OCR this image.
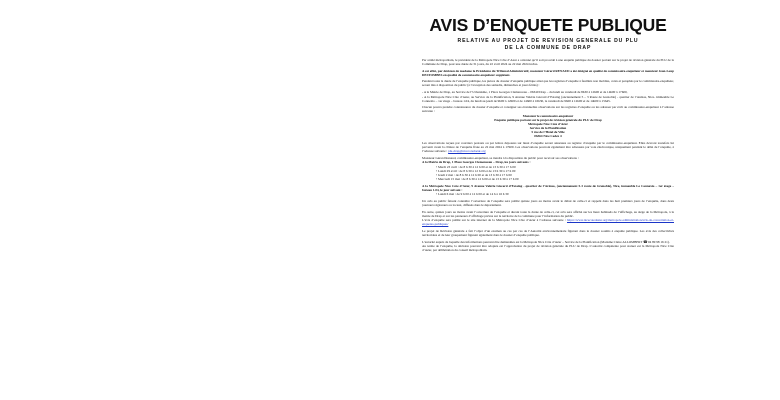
AVIS D’ENQUETE PUBLIQUE
RELATIVE AU PROJET DE REVISION GENERALE DU PLU
DE LA COMMUNE DE DRAP

Par arrêté métropolitain, le président de la Métropole Nice Côte d’Azur a ordonné qu’il soit procédé à une enquête publique du dossier portant sur le projet de révision générale du PLU de la Commune de Drap, pour une durée de 31 jours, du 22 avril 2024 au 22 mai 2024 inclus.

A cet effet, par décision de madame la Présidente du Tribunal Administratif, monsieur Gérard RENAUD a été désigné en qualité de commissaire-enquêteur et monsieur Jean-Loup DESTOMBES en qualité de commissaire-enquêteur suppléant.

Pendant toute la durée de l’enquête publique, les pièces du dossier d’enquête publique ainsi que les registres d’enquête à feuillets non mobiles, cotés et paraphés par le commissaire-enquêteur, seront mis à disposition du public (à l’exception des samedis, dimanches et jours fériés) :

- A la Mairie de Drap, au Service de l’Urbanisme, 1 Place Georges Clemenceau – 06340 Drap – du lundi au vendredi de 8h30 à 12h00 et de 14h00 à 17h00,

- A la Métropole Nice Côte d’Azur, au Service de la Planification, 9 Avenue Valérie Giscard d’Estaing (anciennement 5 – 3 Route de Grenoble) - quartier de l’Arénas, Nice- immeuble Le Connexio – 1er étage – bureau 1.04, du lundi au jeudi de 9h00 à 12h00 et de 14h00 à 16h30, le vendredi de 9h00 à 12h00 et de 14h00 à 15h45.

Chacun pourra prendre connaissance du dossier d’enquête et consigner ses éventuelles observations sur les registres d’enquête ou les adresser par écrit au commissaire-enquêteur à l’adresse suivante :

Monsieur le commissaire-enquêteur
Enquête publique portant sur le projet de révision générale du PLU de Drap
Métropole Nice Côte d’Azur
Service de la Planification
5 rue de l’Hôtel de Ville
06364 Nice Cedex 4

Les observations reçues par courriers postaux ou par lettres déposées sur lieux d’enquête seront annexées au registre d’enquête par le commissaire-enquêteur. Elles devront toutefois lui parvenir avant la clôture de l’enquête fixée au 22 mai 2024 à 17h00. Les observations pourront également être adressées par voie électronique, uniquement pendant le délai de l’enquête, à l’adresse suivante : plu-drap@nicecotedazur.org

Monsieur Gérard Renaud, commissaire-enquêteur, se tiendra à la disposition du public pour recevoir ses observations :

A la Mairie de Drap, 1 Place Georges Clemenceau – Drap, les jours suivants :

• Mardi 23 avril : de 8 h 30 à 12 h 00 et de 13 h 30 à 17 h 00
• Lundi 29 avril : de 8 h 30 à 12 h 00 et de 13 h 30 à 17 h 00
• Jeudi 2 mai : de 8 h 30 à 12 h 00 et de 13 h 30 à 17 h 00
• Mercredi 15 mai : de 8 h 30 à 12 h 00 et de 13 h 30 à 17 h 00

A la Métropole Nice Côte d’Azur, 9 Avenue Valérie Giscard d’Estaing - quartier de l’Arénas, (anciennement 5-3 route de Grenoble), Nice, immeuble Le Connexio – 1er étage – bureau 1.04, le jour suivant :

• Lundi 6 mai : de 9 h 00 à 12 h 00 et de 14 h à 16 h 30

Un avis au public faisant connaître l’ouverture de l’enquête sera publié quinze jours au moins avant le début de celle-ci et rappelé dans les huit premiers jours de l’enquête, dans deux journaux régionaux ou locaux, diffusés dans le département.

En outre, quinze jours au moins avant l’ouverture de l’enquête et durant toute la durée de celle-ci, cet avis sera affiché sur les lieux habituels de l’affichage, au siège de la Métropole, à la mairie de Drap et sur les panneaux d’affichage prévus sur le territoire de la commune pour l’information du public.

L’avis d’enquête sera publié sur le site internet de la Métropole Nice Côte d’Azur à l’adresse suivante : https://www.nicecotedazur.org/metropole-administration/avis-de-concertation-et-enquetes-publiques/

Le projet de Révision générale a fait l’objet d’un examen au cas par cas de l’Autorité environnementale figurant dans le dossier soumis à enquête publique. Les avis des collectivités territoriales et de leur groupement figurent également dans le dossier d’enquête publique.

L’autorité auprès de laquelle des informations peuvent être demandées est la Métropole Nice Côte d’Azur – Service de la Planification (Madame Claire ALLOMBERT ☎ 04 89 98 16 21).

Au terme de l’enquête, la décision pouvant être adoptée est l’approbation du projet de révision générale du PLU de Drap. L’autorité compétente pour statuer est la Métropole Nice Côte d’Azur, par délibération du conseil métropolitain.
